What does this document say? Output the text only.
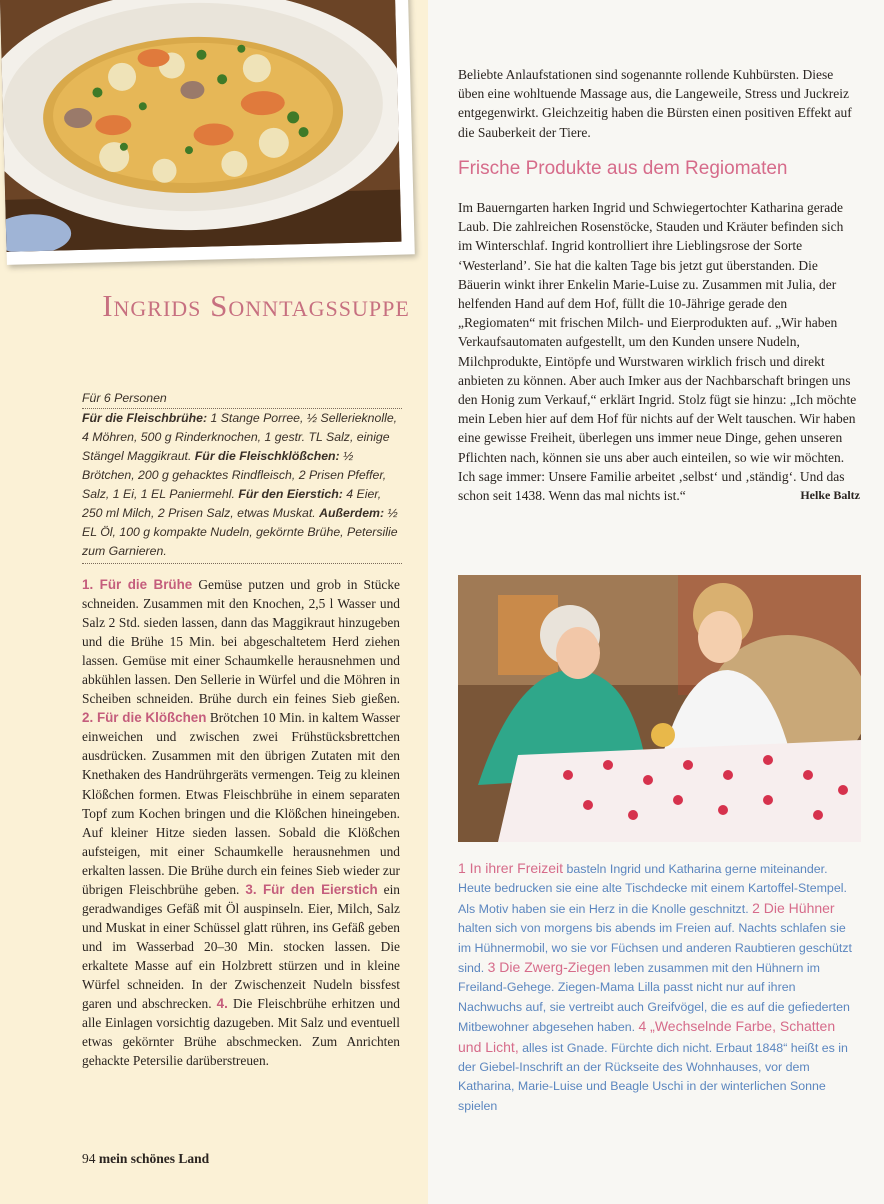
Ingrids Sonntagssuppe
Für 6 Personen
Für die Fleischbrühe: 1 Stange Porree, ½ Sellerieknolle, 4 Möhren, 500 g Rinderknochen, 1 gestr. TL Salz, einige Stängel Maggikraut. Für die Fleischklößchen: ½ Brötchen, 200 g gehacktes Rindfleisch, 2 Prisen Pfeffer, Salz, 1 Ei, 1 EL Paniermehl. Für den Eierstich: 4 Eier, 250 ml Milch, 2 Prisen Salz, etwas Muskat. Außerdem: ½ EL Öl, 100 g kompakte Nudeln, gekörnte Brühe, Petersilie zum Garnieren.
1. Für die Brühe Gemüse putzen und grob in Stücke schneiden. Zusammen mit den Knochen, 2,5 l Wasser und Salz 2 Std. sieden lassen, dann das Maggikraut hinzugeben und die Brühe 15 Min. bei abgeschaltetem Herd ziehen lassen. Gemüse mit einer Schaumkelle herausnehmen und abkühlen lassen. Den Sellerie in Würfel und die Möhren in Scheiben schneiden. Brühe durch ein feines Sieb gießen. 2. Für die Klößchen Brötchen 10 Min. in kaltem Wasser einweichen und zwischen zwei Frühstücksbrettchen ausdrücken. Zusammen mit den übrigen Zutaten mit den Knethaken des Handrührgeräts vermengen. Teig zu kleinen Klößchen formen. Etwas Fleischbrühe in einem separaten Topf zum Kochen bringen und die Klößchen hineingeben. Auf kleiner Hitze sieden lassen. Sobald die Klößchen aufsteigen, mit einer Schaumkelle herausnehmen und erkalten lassen. Die Brühe durch ein feines Sieb wieder zur übrigen Fleischbrühe geben. 3. Für den Eierstich ein geradwandiges Gefäß mit Öl auspinseln. Eier, Milch, Salz und Muskat in einer Schüssel glatt rühren, ins Gefäß geben und im Wasserbad 20–30 Min. stocken lassen. Die erkaltete Masse auf ein Holzbrett stürzen und in kleine Würfel schneiden. In der Zwischenzeit Nudeln bissfest garen und abschrecken. 4. Die Fleischbrühe erhitzen und alle Einlagen vorsichtig dazugeben. Mit Salz und eventuell etwas gekörnter Brühe abschmecken. Zum Anrichten gehackte Petersilie darüberstreuen.
94 mein schönes Land
Beliebte Anlaufstationen sind sogenannte rollende Kuhbürsten. Diese üben eine wohltuende Massage aus, die Langeweile, Stress und Juckreiz entgegenwirkt. Gleichzeitig haben die Bürsten einen positiven Effekt auf die Sauberkeit der Tiere.
Frische Produkte aus dem Regiomaten
Im Bauerngarten harken Ingrid und Schwiegertochter Katharina gerade Laub. Die zahlreichen Rosenstöcke, Stauden und Kräuter befinden sich im Winterschlaf. Ingrid kontrolliert ihre Lieblingsrose der Sorte ‘Westerland’. Sie hat die kalten Tage bis jetzt gut überstanden. Die Bäuerin winkt ihrer Enkelin Marie-Luise zu. Zusammen mit Julia, der helfenden Hand auf dem Hof, füllt die 10-Jährige gerade den „Regiomaten“ mit frischen Milch- und Eierprodukten auf. „Wir haben Verkaufsautomaten aufgestellt, um den Kunden unsere Nudeln, Milchprodukte, Eintöpfe und Wurstwaren wirklich frisch und direkt anbieten zu können. Aber auch Imker aus der Nachbarschaft bringen uns den Honig zum Verkauf,“ erklärt Ingrid. Stolz fügt sie hinzu: „Ich möchte mein Leben hier auf dem Hof für nichts auf der Welt tauschen. Wir haben eine gewisse Freiheit, überlegen uns immer neue Dinge, gehen unseren Pflichten nach, können sie uns aber auch einteilen, so wie wir möchten. Ich sage immer: Unsere Familie arbeitet ‚selbst‘ und ‚ständig‘. Und das schon seit 1438. Wenn das mal nichts ist.“	Helke Baltz
1 In ihrer Freizeit basteln Ingrid und Katharina gerne miteinander. Heute bedrucken sie eine alte Tischdecke mit einem Kartoffel-Stempel. Als Motiv haben sie ein Herz in die Knolle geschnitzt. 2 Die Hühner halten sich von morgens bis abends im Freien auf. Nachts schlafen sie im Hühnermobil, wo sie vor Füchsen und anderen Raubtieren geschützt sind. 3 Die Zwerg-Ziegen leben zusammen mit den Hühnern im Freiland-Gehege. Ziegen-Mama Lilla passt nicht nur auf ihren Nachwuchs auf, sie vertreibt auch Greifvögel, die es auf die gefiederten Mitbewohner abgesehen haben. 4 „Wechselnde Farbe, Schatten und Licht, alles ist Gnade. Fürchte dich nicht. Erbaut 1848“ heißt es in der Giebel-Inschrift an der Rückseite des Wohnhauses, vor dem Katharina, Marie-Luise und Beagle Uschi in der winterlichen Sonne spielen
